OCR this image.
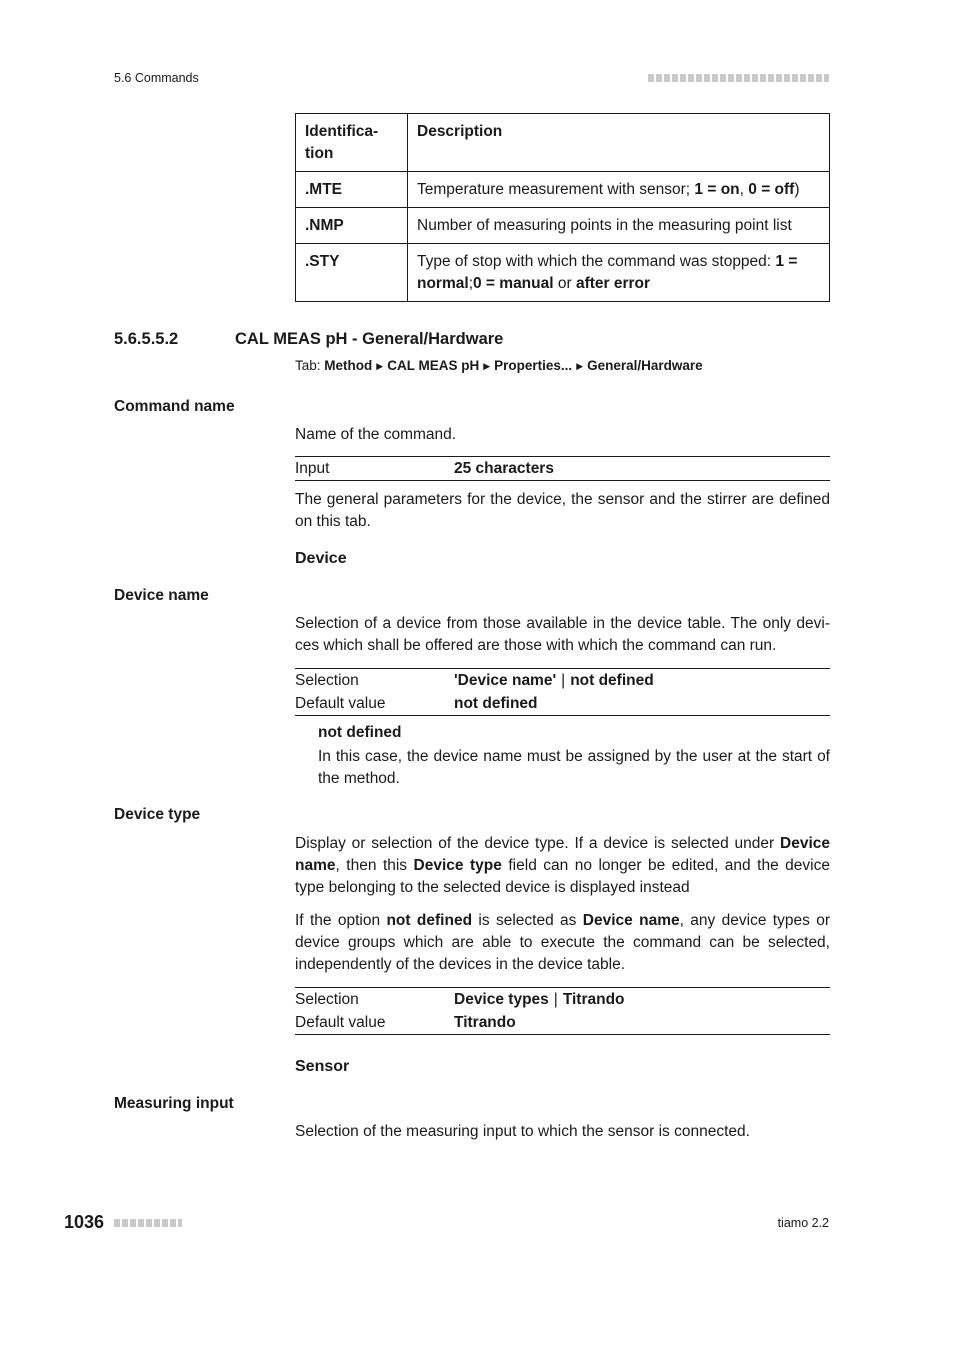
5.6 Commands
Identifica-
tion	Description
.MTE	Temperature measurement with sensor; 1 = on, 0 = off)
.NMP	Number of measuring points in the measuring point list
.STY	Type of stop with which the command was stopped: 1 = normal;0 = manual or after error
5.6.5.5.2	CAL MEAS pH - General/Hardware
Tab: Method ▶ CAL MEAS pH ▶ Properties... ▶ General/Hardware
Command name
Name of the command.
Input	25 characters
The general parameters for the device, the sensor and the stirrer are defined on this tab.
Device
Device name
Selection of a device from those available in the device table. The only devi-ces which shall be offered are those with which the command can run.
Selection	'Device name' | not defined
Default value	not defined
not defined
In this case, the device name must be assigned by the user at the start of the method.
Device type
Display or selection of the device type. If a device is selected under Device name, then this Device type field can no longer be edited, and the device type belonging to the selected device is displayed instead
If the option not defined is selected as Device name, any device types or device groups which are able to execute the command can be selected, independently of the devices in the device table.
Selection	Device types | Titrando
Default value	Titrando
Sensor
Measuring input
Selection of the measuring input to which the sensor is connected.
1036	tiamo 2.2
